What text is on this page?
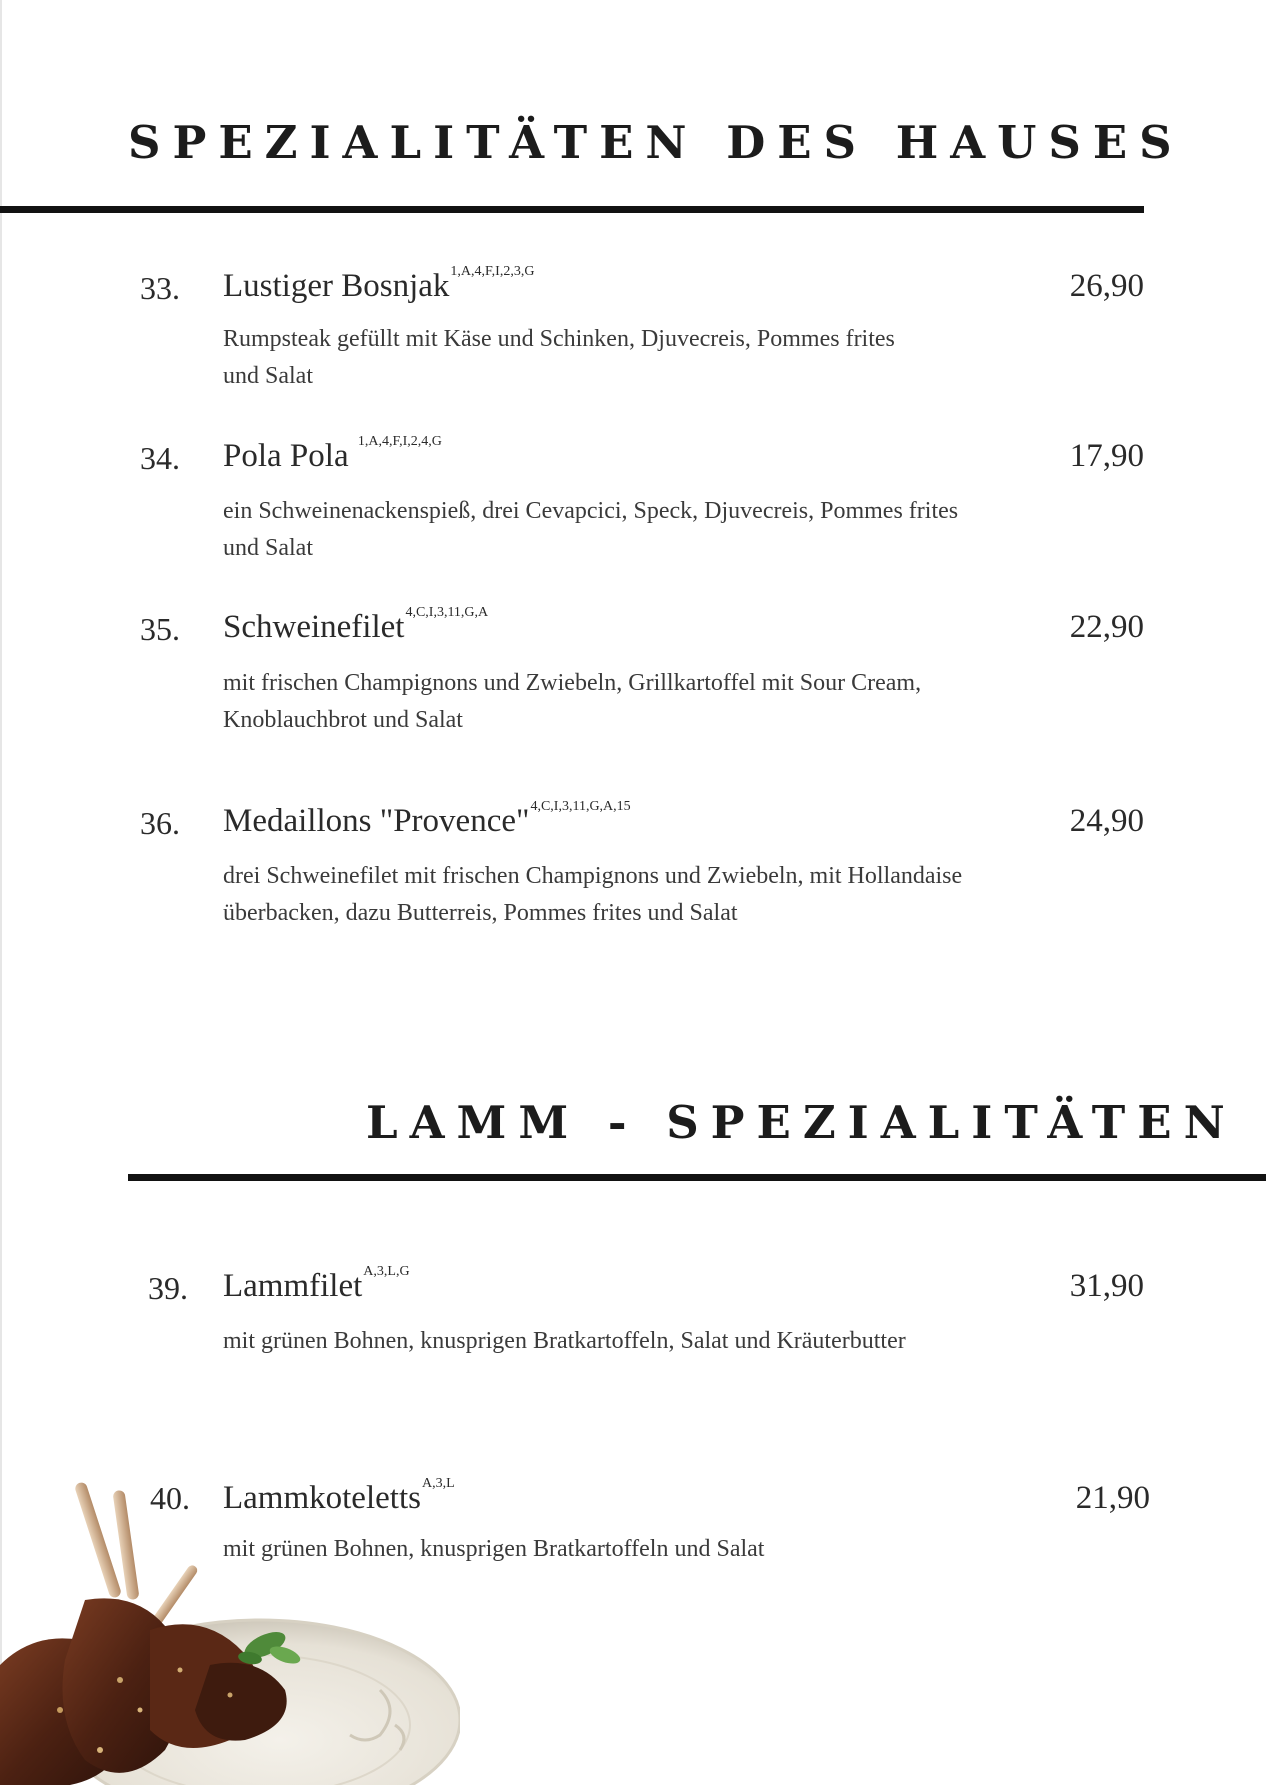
SPEZIALITÄTEN DES HAUSES
33. Lustiger Bosnjak$^{1,A,4,F,I,2,3,G}$	26,90
Rumpsteak gefüllt mit Käse und Schinken, Djuvecreis, Pommes frites
und Salat
34. Pola Pola $^{1,A,4,F,I,2,4,G}$	17,90
ein Schweinenackenspieß, drei Cevapcici, Speck, Djuvecreis, Pommes frites
und Salat
35. Schweinefilet$^{4,C,I,3,11,G,A}$	22,90
mit frischen Champignons und Zwiebeln, Grillkartoffel mit Sour Cream,
Knoblauchbrot und Salat
36. Medaillons "Provence"$^{4,C,I,3,11,G,A,15}$	24,90
drei Schweinefilet mit frischen Champignons und Zwiebeln, mit Hollandaise
überbacken, dazu Butterreis, Pommes frites und Salat
LAMM - SPEZIALITÄTEN
39. Lammfilet$^{A,3,L,G}$	31,90
mit grünen Bohnen, knusprigen Bratkartoffeln, Salat und Kräuterbutter
40. Lammkoteletts$^{A,3,L}$	21,90
mit grünen Bohnen, knusprigen Bratkartoffeln und Salat
